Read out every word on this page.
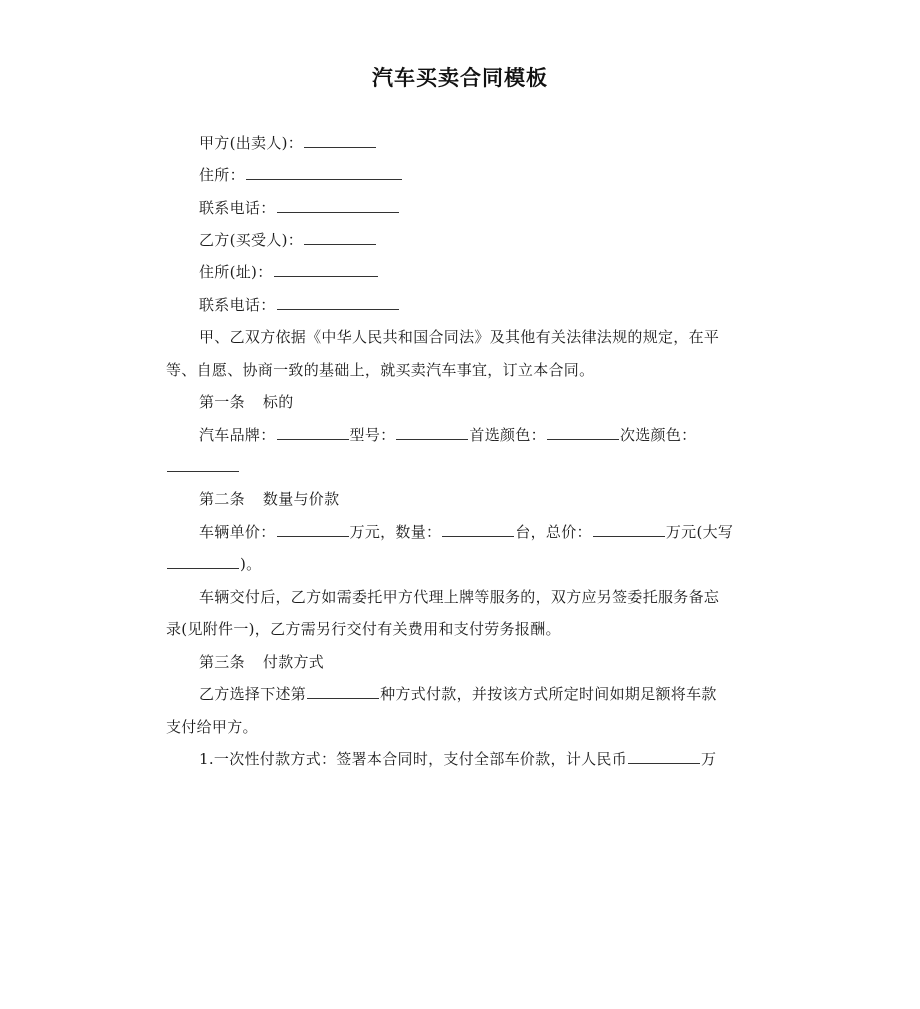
汽车买卖合同模板
甲方(出卖人)：
住所：
联系电话：
乙方(买受人)：
住所(址)：
联系电话：
甲、乙双方依据《中华人民共和国合同法》及其他有关法律法规的规定，在平
等、自愿、协商一致的基础上，就买卖汽车事宜，订立本合同。
第一条 标的
汽车品牌：	型号：	首选颜色：	次选颜色：
第二条 数量与价款
车辆单价：	万元，数量：	台，总价：	万元(大写
)。
车辆交付后，乙方如需委托甲方代理上牌等服务的，双方应另签委托服务备忘
录(见附件一)，乙方需另行交付有关费用和支付劳务报酬。
第三条 付款方式
乙方选择下述第	种方式付款，并按该方式所定时间如期足额将车款
支付给甲方。
1.一次性付款方式：签署本合同时，支付全部车价款，计人民币	万
